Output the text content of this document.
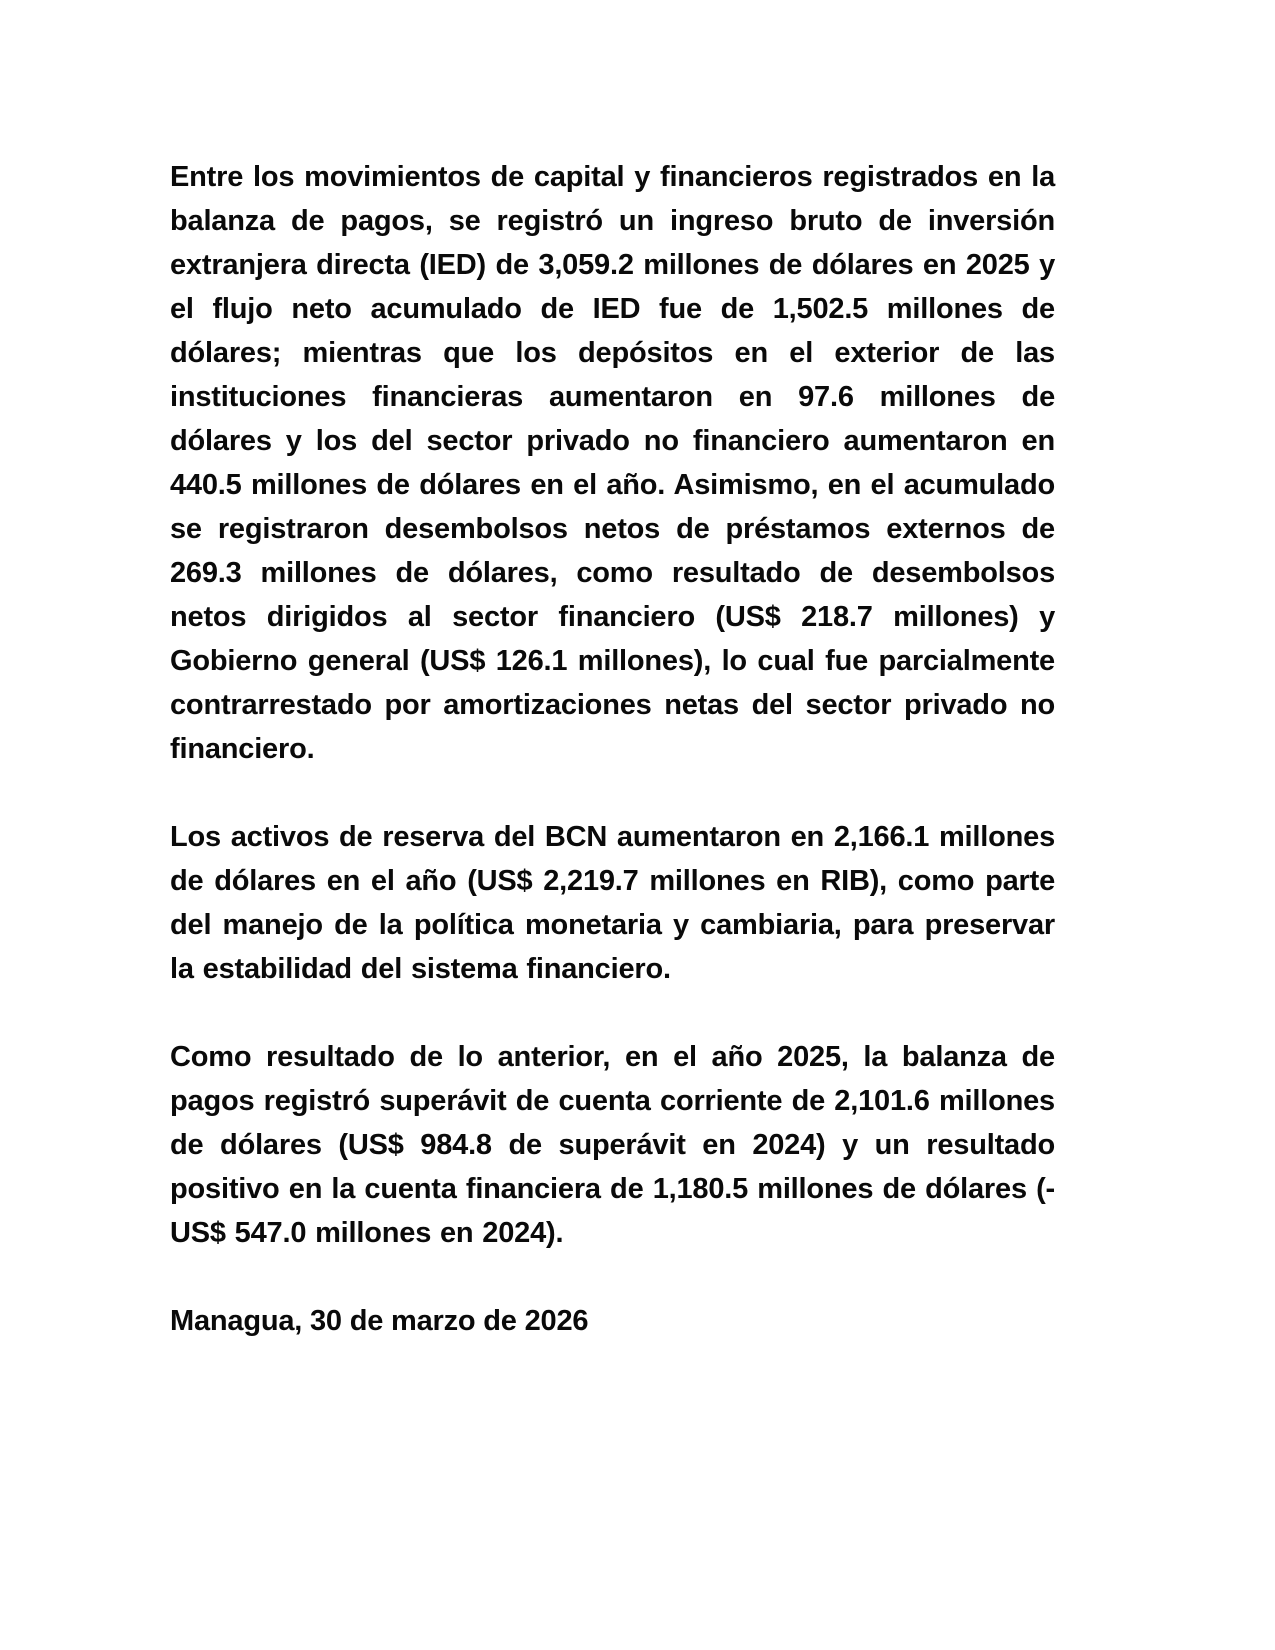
Entre los movimientos de capital y financieros registrados en la balanza de pagos, se registró un ingreso bruto de inversión extranjera directa (IED) de 3,059.2 millones de dólares en 2025 y el flujo neto acumulado de IED fue de 1,502.5 millones de dólares; mientras que los depósitos en el exterior de las instituciones financieras aumentaron en 97.6 millones de dólares y los del sector privado no financiero aumentaron en 440.5 millones de dólares en el año. Asimismo, en el acumulado se registraron desembolsos netos de préstamos externos de 269.3 millones de dólares, como resultado de desembolsos netos dirigidos al sector financiero (US$ 218.7 millones) y Gobierno general (US$ 126.1 millones), lo cual fue parcialmente contrarrestado por amortizaciones netas del sector privado no financiero.

Los activos de reserva del BCN aumentaron en 2,166.1 millones de dólares en el año (US$ 2,219.7 millones en RIB), como parte del manejo de la política monetaria y cambiaria, para preservar la estabilidad del sistema financiero.

Como resultado de lo anterior, en el año 2025, la balanza de pagos registró superávit de cuenta corriente de 2,101.6 millones de dólares (US$ 984.8 de superávit en 2024) y un resultado positivo en la cuenta financiera de 1,180.5 millones de dólares (-US$ 547.0 millones en 2024).

Managua, 30 de marzo de 2026
